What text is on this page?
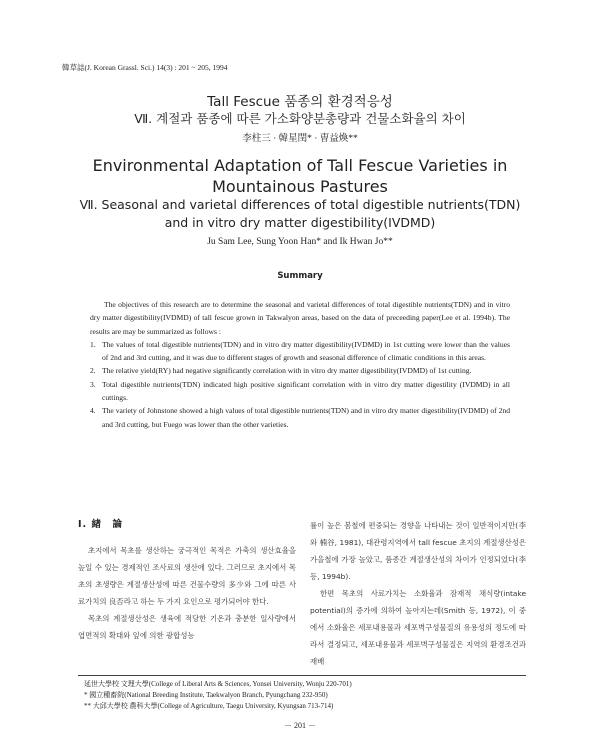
韓草誌(J. Korean Grassl. Sci.) 14(3) : 201 ~ 205, 1994
Tall Fescue 품종의 환경적응성
Ⅶ. 계절과 품종에 따른 가소화양분총량과 건물소화율의 차이
李柱三 · 韓星閏* · 曺益煥**
Environmental Adaptation of Tall Fescue Varieties in
Mountainous Pastures
Ⅶ. Seasonal and varietal differences of total digestible nutrients(TDN)
and in vitro dry matter digestibility(IVDMD)
Ju Sam Lee, Sung Yoon Han* and Ik Hwan Jo**
Summary

The objectives of this research are to determine the seasonal and varietal differences of total digestible nutrients(TDN) and in vitro dry matter digestibility(IVDMD) of tall fescue grown in Takwalyon areas, based on the data of preceeding paper(Lee et al. 1994b). The results are may be summarized as follows :

1. The values of total digestible nutrients(TDN) and in vitro dry matter digestibility(IVDMD) in 1st cutting were lower than the values of 2nd and 3rd cutting, and it was due to different stages of growth and seasonal difference of climatic conditions in this areas.
2. The relative yield(RY) had negative significantly correlation with in vitro dry matter digestibility(IVDMD) of 1st cutting.
3. Total digestible nutrients(TDN) indicated high positive significant correlation with in vitro dry matter digestility (IVDMD) in all cuttings.
4. The variety of Johnstone showed a high values of total digestible nutrients(TDN) and in vitro dry matter digestibility(IVDMD) of 2nd and 3rd cutting, but Fuego was lower than the other varieties.
Ⅰ. 緖　論

초지에서 목초를 생산하는 궁극적인 목적은 가축의 생산효율을 높일 수 있는 경제적인 조사료의 생산에 있다. 그러므로 초지에서 목초의 초생량은 계절생산성에 따른 건물수량의 多少와 그에 따른 사료가치의 良否라고 하는 두 가지 요인으로 평가되어야 한다.

목초의 계절생산성은 생육에 적당한 기온과 충분한 일사량에서 엽면적의 확대와 잎에 의한 광합성능

률이 높은 봄철에 편중되는 경향을 나타내는 것이 일반적이지만(李와 楠谷, 1981), 대관령지역에서 tall fescue 초지의 계절생산성은 가을철에 가장 높았고, 품종간 계절생산성의 차이가 인정되었다(李 등, 1994b).

한편 목초의 사료가치는 소화율과 잠재적 채식량(intake potential)의 증가에 의하여 높아지는데(Smith 등, 1972), 이 중에서 소화율은 세포내용물과 세포벽구성물질의 유용성의 정도에 따라서 결정되고, 세포내용물과 세포벽구성물질은 지역의 환경조건과 재배

延世大學校 文理大學(College of Liberal Arts & Sciences, Yonsei University, Wonju 220-701)
* 國立種畜院(National Breeding Institute, Taekwalyon Branch, Pyungchang 232-950)
** 大邱大學校 農科大學(College of Agriculture, Taegu University, Kyungsan 713-714)
－ 201 －
